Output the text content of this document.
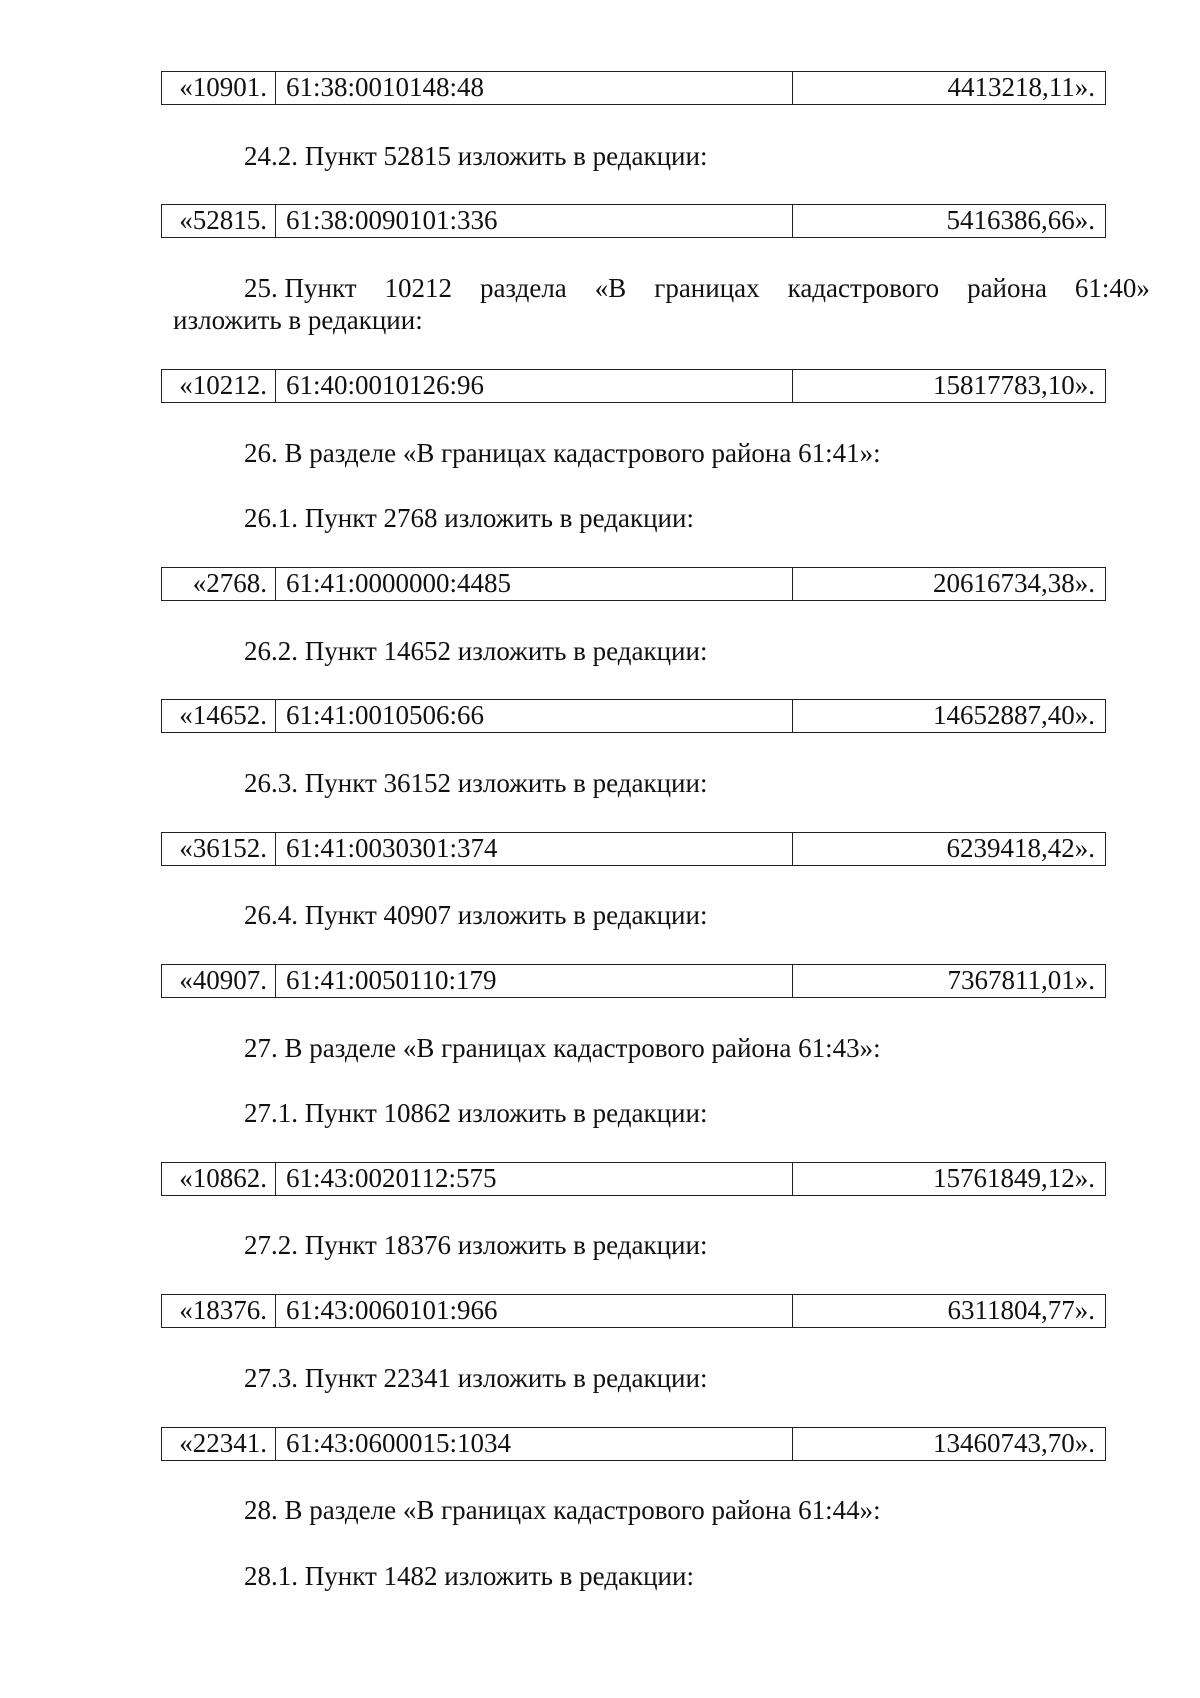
«10901. 61:38:0010148:48	4413218,11».
24.2. Пункт 52815 изложить в редакции:
«52815. 61:38:0090101:336	5416386,66».
25. Пункт 10212 раздела «В границах кадастрового района 61:40»
изложить в редакции:
«10212. 61:40:0010126:96	15817783,10».
26. В разделе «В границах кадастрового района 61:41»:
26.1. Пункт 2768 изложить в редакции:
«2768. 61:41:0000000:4485	20616734,38».
26.2. Пункт 14652 изложить в редакции:
«14652. 61:41:0010506:66	14652887,40».
26.3. Пункт 36152 изложить в редакции:
«36152. 61:41:0030301:374	6239418,42».
26.4. Пункт 40907 изложить в редакции:
«40907. 61:41:0050110:179	7367811,01».
27. В разделе «В границах кадастрового района 61:43»:
27.1. Пункт 10862 изложить в редакции:
«10862. 61:43:0020112:575	15761849,12».
27.2. Пункт 18376 изложить в редакции:
«18376. 61:43:0060101:966	6311804,77».
27.3. Пункт 22341 изложить в редакции:
«22341. 61:43:0600015:1034	13460743,70».
28. В разделе «В границах кадастрового района 61:44»:
28.1. Пункт 1482 изложить в редакции:
